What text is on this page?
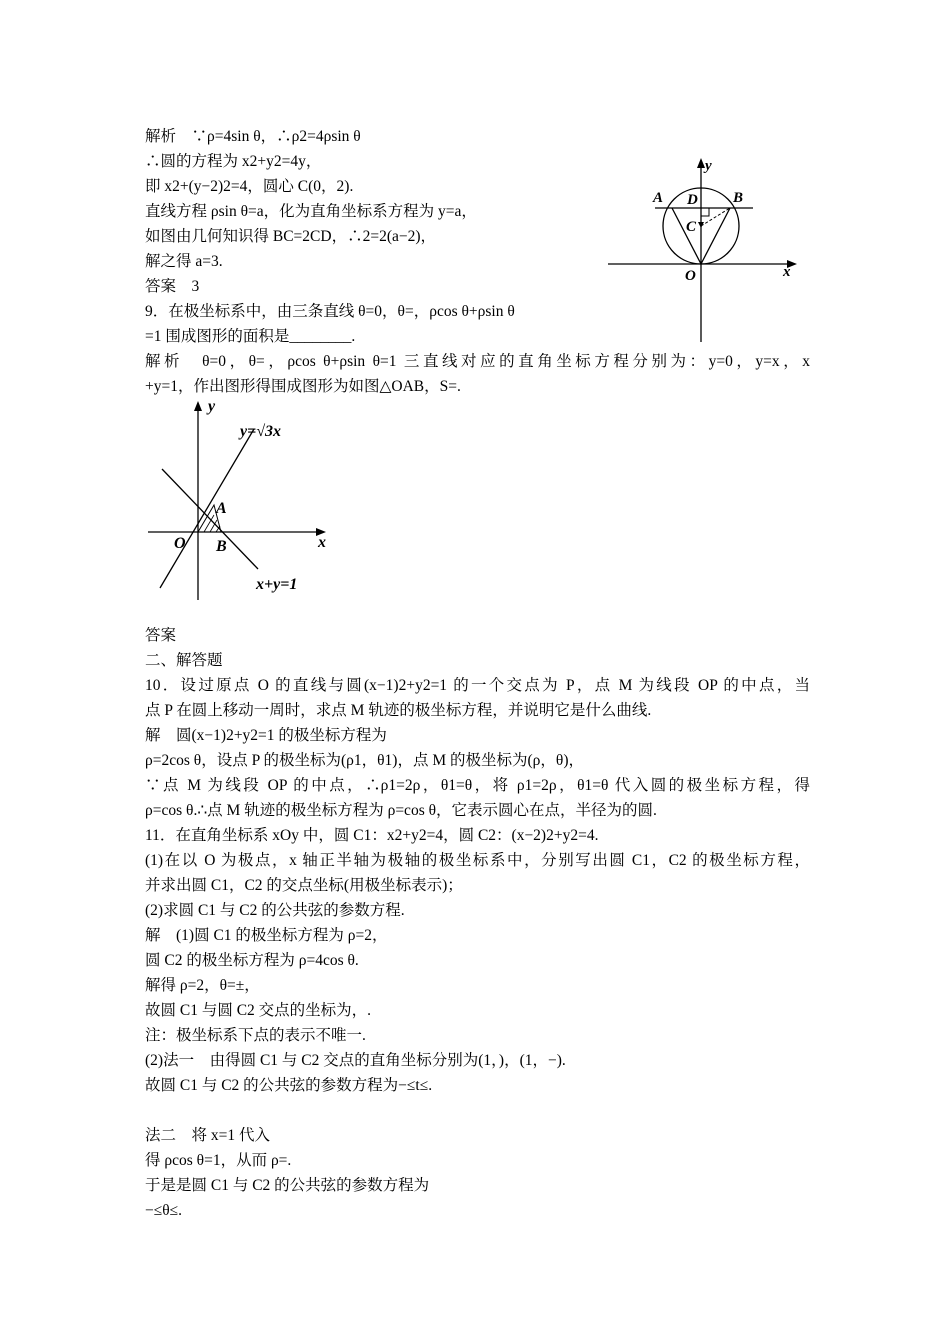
解析　∵ρ=4sin θ，∴ρ2=4ρsin θ
∴圆的方程为 x2+y2=4y，
即 x2+(y−2)2=4，圆心 C(0，2).
直线方程 ρsin θ=a，化为直角坐标系方程为 y=a，
如图由几何知识得 BC=2CD，∴2=2(a−2)，
解之得 a=3.
答案　3
9．在极坐标系中，由三条直线 θ=0，θ=，ρcos θ+ρsin θ
=1 围成图形的面积是________.
解析　θ=0，θ=，ρcos θ+ρsin θ=1 三直线对应的直角坐标方程分别为：y=0，y=x，x
+y=1，作出图形得围成图形为如图△OAB，S=.
答案
二、解答题
10．设过原点 O 的直线与圆(x−1)2+y2=1 的一个交点为 P，点 M 为线段 OP 的中点，当
点 P 在圆上移动一周时，求点 M 轨迹的极坐标方程，并说明它是什么曲线.
解　圆(x−1)2+y2=1 的极坐标方程为
ρ=2cos θ，设点 P 的极坐标为(ρ1，θ1)，点 M 的极坐标为(ρ，θ)，
∵点 M 为线段 OP 的中点，∴ρ1=2ρ，θ1=θ，将 ρ1=2ρ，θ1=θ 代入圆的极坐标方程，得
ρ=cos θ.∴点 M 轨迹的极坐标方程为 ρ=cos θ，它表示圆心在点，半径为的圆.
11．在直角坐标系 xOy 中，圆 C1：x2+y2=4，圆 C2：(x−2)2+y2=4.
(1)在以 O 为极点，x 轴正半轴为极轴的极坐标系中，分别写出圆 C1，C2 的极坐标方程，
并求出圆 C1，C2 的交点坐标(用极坐标表示)；
(2)求圆 C1 与 C2 的公共弦的参数方程.
解　(1)圆 C1 的极坐标方程为 ρ=2，
圆 C2 的极坐标方程为 ρ=4cos θ.
解得 ρ=2，θ=±，
故圆 C1 与圆 C2 交点的坐标为，.
注：极坐标系下点的表示不唯一.
(2)法一　由得圆 C1 与 C2 交点的直角坐标分别为(1，)，(1，−).
故圆 C1 与 C2 的公共弦的参数方程为−≤t≤.
法二　将 x=1 代入
得 ρcos θ=1，从而 ρ=.
于是是圆 C1 与 C2 的公共弦的参数方程为
−≤θ≤.
y
x
A	B
D
C
O
y
x
y=√3x
A
B
O
x+y=1
